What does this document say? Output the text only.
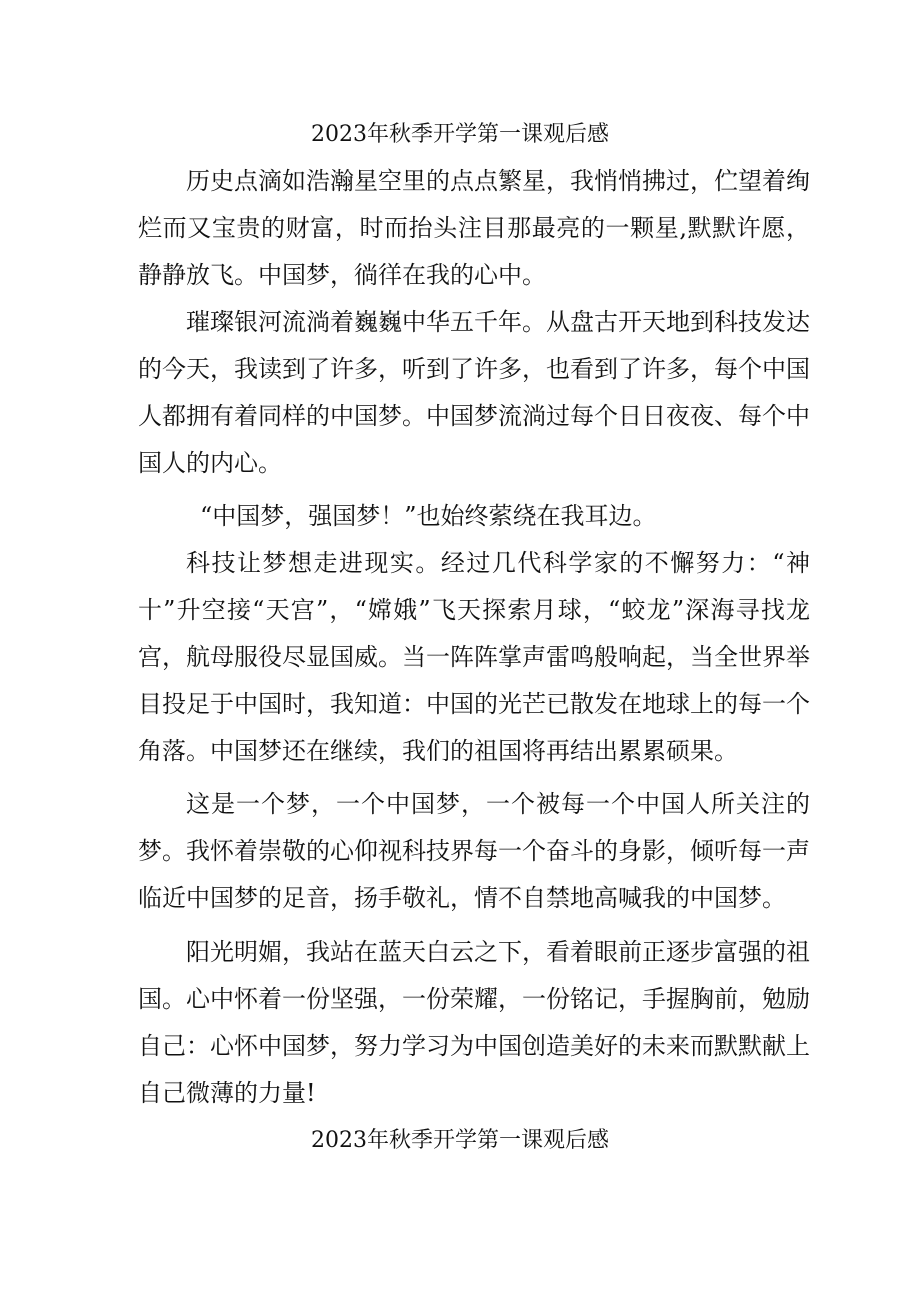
2023年秋季开学第一课观后感

历史点滴如浩瀚星空里的点点繁星，我悄悄拂过，伫望着绚烂而又宝贵的财富，时而抬头注目那最亮的一颗星,默默许愿，静静放飞。中国梦，徜徉在我的心中。

璀璨银河流淌着巍巍中华五千年。从盘古开天地到科技发达的今天，我读到了许多，听到了许多，也看到了许多，每个中国人都拥有着同样的中国梦。中国梦流淌过每个日日夜夜、每个中国人的内心。

“中国梦，强国梦！”也始终萦绕在我耳边。

科技让梦想走进现实。经过几代科学家的不懈努力：“神十”升空接“天宫”，“嫦娥”飞天探索月球，“蛟龙”深海寻找龙宫，航母服役尽显国威。当一阵阵掌声雷鸣般响起，当全世界举目投足于中国时，我知道：中国的光芒已散发在地球上的每一个角落。中国梦还在继续，我们的祖国将再结出累累硕果。

这是一个梦，一个中国梦，一个被每一个中国人所关注的梦。我怀着崇敬的心仰视科技界每一个奋斗的身影，倾听每一声临近中国梦的足音，扬手敬礼，情不自禁地高喊我的中国梦。

阳光明媚，我站在蓝天白云之下，看着眼前正逐步富强的祖国。心中怀着一份坚强，一份荣耀，一份铭记，手握胸前，勉励自己：心怀中国梦，努力学习为中国创造美好的未来而默默献上自己微薄的力量!

2023年秋季开学第一课观后感
